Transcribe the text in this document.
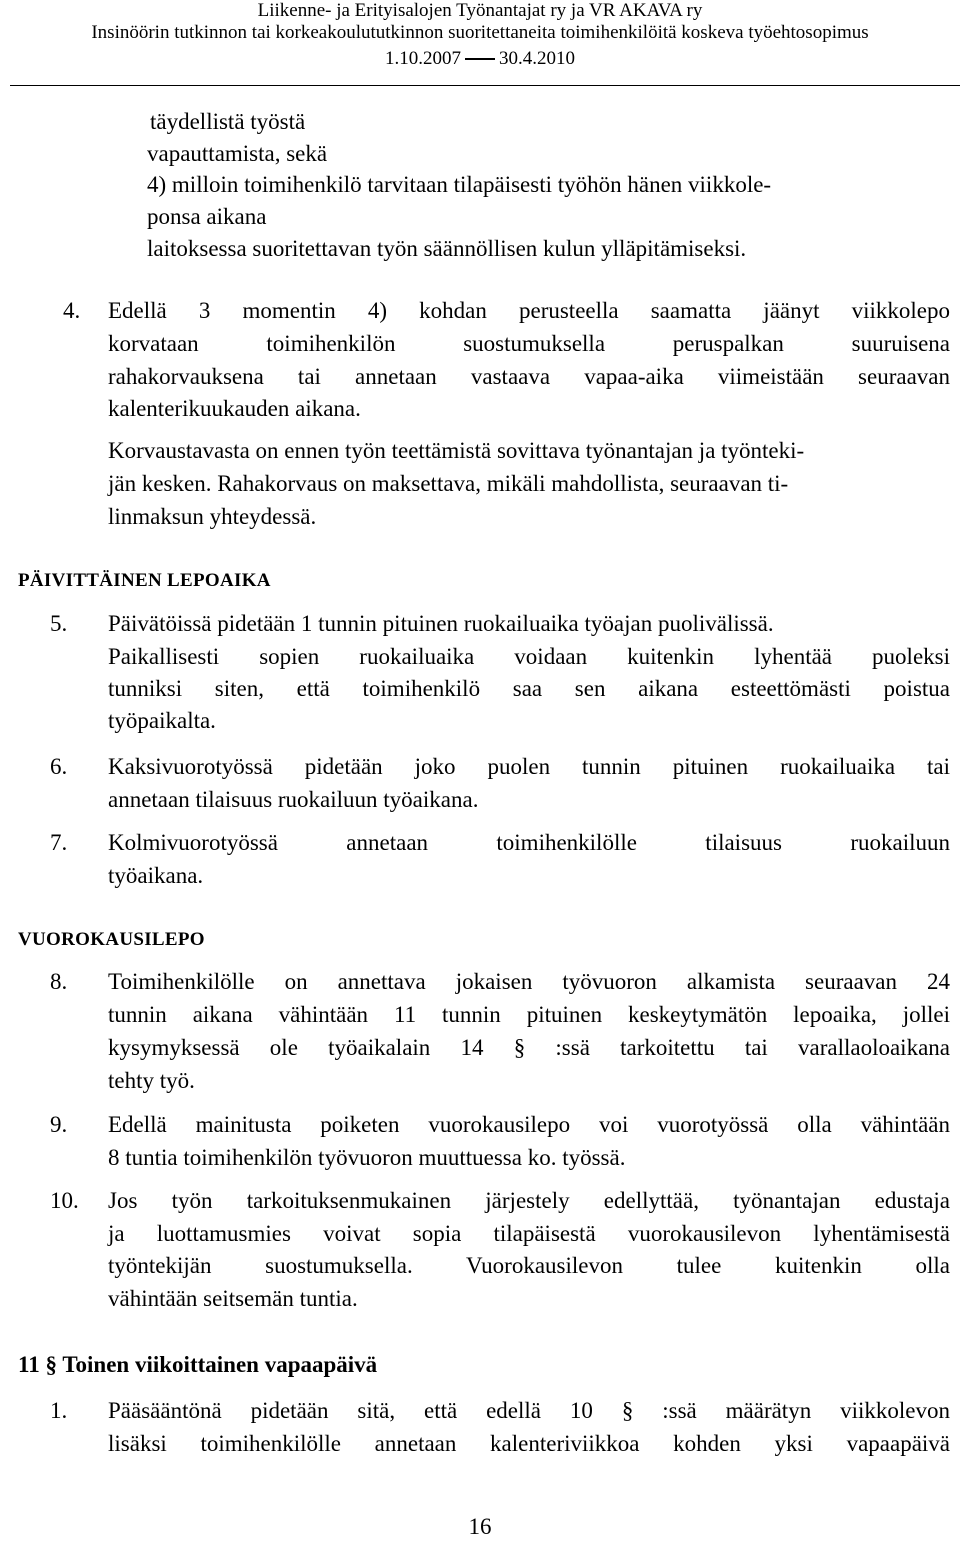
Liikenne- ja Erityisalojen Työnantajat ry ja VR AKAVA ry
Insinöörin tutkinnon tai korkeakoulututkinnon suoritettaneita toimihenkilöitä koskeva työehtosopimus
1.10.2007 30.4.2010
täydellistä työstä
vapauttamista, sekä
4) milloin toimihenkilö tarvitaan tilapäisesti työhön hänen viikkole-
ponsa aikana
laitoksessa suoritettavan työn säännöllisen kulun ylläpitämiseksi.
4. Edellä 3 momentin 4) kohdan perusteella saamatta jäänyt viikkolepo
korvataan toimihenkilön suostumuksella peruspalkan suuruisena
rahakorvauksena tai annetaan vastaava vapaa-aika viimeistään seuraavan
kalenterikuukauden aikana.
Korvaustavasta on ennen työn teettämistä sovittava työnantajan ja työnteki-
jän kesken. Rahakorvaus on maksettava, mikäli mahdollista, seuraavan ti-
linmaksun yhteydessä.
PÄIVITTÄINEN LEPOAIKA
5. Päivätöissä pidetään 1 tunnin pituinen ruokailuaika työajan puolivälissä.
Paikallisesti sopien ruokailuaika voidaan kuitenkin lyhentää puoleksi
tunniksi siten, että toimihenkilö saa sen aikana esteettömästi poistua
työpaikalta.
6. Kaksivuorotyössä pidetään joko puolen tunnin pituinen ruokailuaika tai
annetaan tilaisuus ruokailuun työaikana.
7. Kolmivuorotyössä annetaan toimihenkilölle tilaisuus ruokailuun
työaikana.
VUOROKAUSILEPO
8. Toimihenkilölle on annettava jokaisen työvuoron alkamista seuraavan 24
tunnin aikana vähintään 11 tunnin pituinen keskeytymätön lepoaika, jollei
kysymyksessä ole työaikalain 14 § :ssä tarkoitettu tai varallaoloaikana
tehty työ.
9. Edellä mainitusta poiketen vuorokausilepo voi vuorotyössä olla vähintään
8 tuntia toimihenkilön työvuoron muuttuessa ko. työssä.
10. Jos työn tarkoituksenmukainen järjestely edellyttää, työnantajan edustaja
ja luottamusmies voivat sopia tilapäisestä vuorokausilevon lyhentämisestä
työntekijän suostumuksella. Vuorokausilevon tulee kuitenkin olla
vähintään seitsemän tuntia.
11 § Toinen viikoittainen vapaapäivä
1. Pääsääntönä pidetään sitä, että edellä 10 § :ssä määrätyn viikkolevon
lisäksi toimihenkilölle annetaan kalenteriviikkoa kohden yksi vapaapäivä
16
